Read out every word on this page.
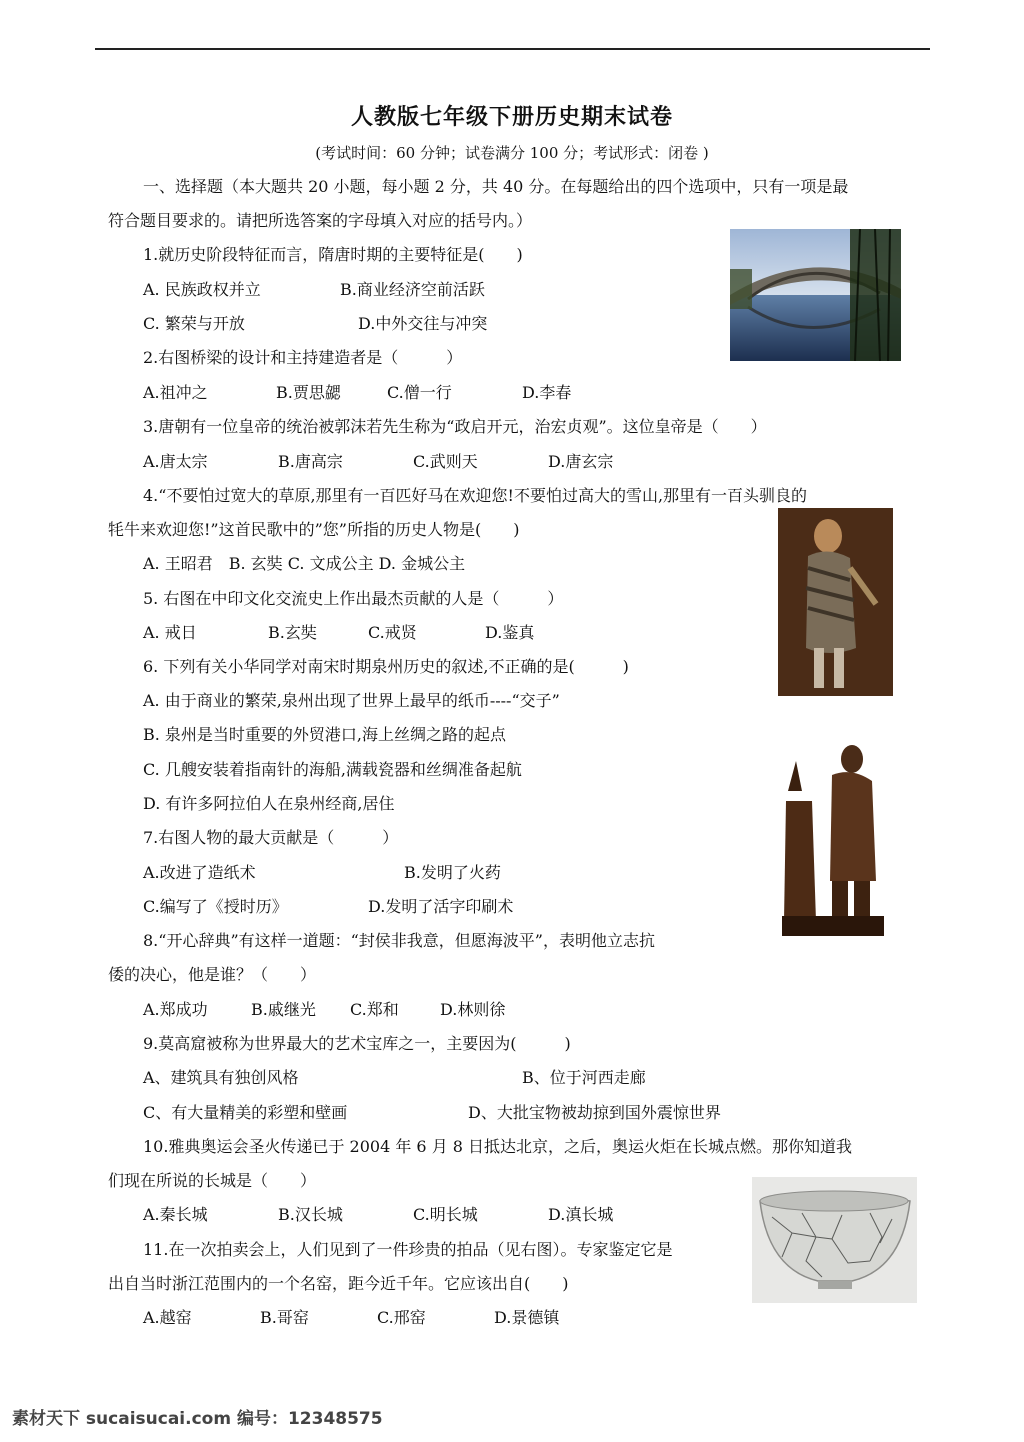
人教版七年级下册历史期末试卷
(考试时间：60 分钟；试卷满分 100 分；考试形式：闭卷 )
一、选择题（本大题共 20 小题，每小题 2 分，共 40 分。在每题给出的四个选项中，只有一项是最
符合题目要求的。请把所选答案的字母填入对应的括号内。）
1.就历史阶段特征而言，隋唐时期的主要特征是(　　)
A. 民族政权并立	B.商业经济空前活跃
C. 繁荣与开放	D.中外交往与冲突
2.右图桥梁的设计和主持建造者是（　　　）
A.祖冲之	B.贾思勰	C.僧一行	D.李春
3.唐朝有一位皇帝的统治被郭沫若先生称为“政启开元，治宏贞观”。这位皇帝是（　　）
A.唐太宗	B.唐高宗	C.武则天	D.唐玄宗
4.“不要怕过宽大的草原,那里有一百匹好马在欢迎您!不要怕过高大的雪山,那里有一百头驯良的
牦牛来欢迎您!”这首民歌中的”您”所指的历史人物是(　　)
A. 王昭君　B. 玄奘 C. 文成公主 D. 金城公主
5. 右图在中印文化交流史上作出最杰贡献的人是（　　　）
A. 戒日	B.玄奘	C.戒贤	D.鉴真
6. 下列有关小华同学对南宋时期泉州历史的叙述,不正确的是(　　　)
A. 由于商业的繁荣,泉州出现了世界上最早的纸币----“交子”
B. 泉州是当时重要的外贸港口,海上丝绸之路的起点
C. 几艘安装着指南针的海船,满载瓷器和丝绸准备起航
D. 有许多阿拉伯人在泉州经商,居住
7.右图人物的最大贡献是（　　　）
A.改进了造纸术	B.发明了火药
C.编写了《授时历》	D.发明了活字印刷术
8.“开心辞典”有这样一道题：“封侯非我意，但愿海波平”，表明他立志抗
倭的决心，他是谁？（　　）
A.郑成功	B.戚继光 C.郑和	D.林则徐
9.莫高窟被称为世界最大的艺术宝库之一，主要因为(　　　)
A、建筑具有独创风格	B、位于河西走廊
C、有大量精美的彩塑和壁画	D、大批宝物被劫掠到国外震惊世界
10.雅典奥运会圣火传递已于 2004 年 6 月 8 日抵达北京，之后，奥运火炬在长城点燃。那你知道我
们现在所说的长城是（　　）
A.秦长城	B.汉长城	C.明长城	D.滇长城
11.在一次拍卖会上，人们见到了一件珍贵的拍品（见右图）。专家鉴定它是
出自当时浙江范围内的一个名窑，距今近千年。它应该出自(　　)
A.越窑	B.哥窑	C.邢窑	D.景德镇
素材天下 sucaisucai.com 编号：12348575
